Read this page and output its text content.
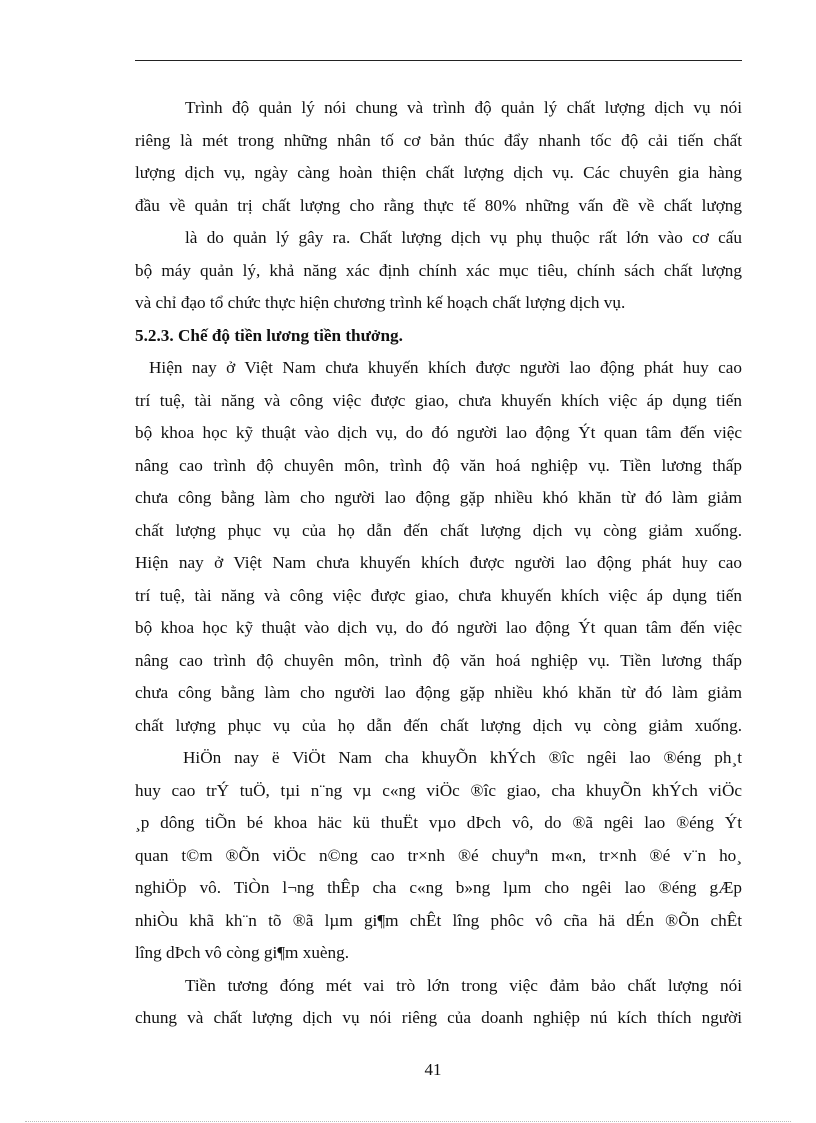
Trình độ quản lý nói chung và trình độ quản lý chất lượng dịch vụ nói
riêng là mét trong những nhân tố cơ bản thúc đẩy nhanh tốc độ cải tiến chất
lượng dịch vụ, ngày càng hoàn thiện chất lượng dịch vụ. Các chuyên gia hàng
đầu về quản trị chất lượng cho rằng thực tế 80% những vấn đề về chất lượng
là do quản lý gây ra. Chất lượng dịch vụ phụ thuộc rất lớn vào cơ cấu
bộ máy quản lý, khả năng xác định chính xác mục tiêu, chính sách chất lượng
và chỉ đạo tổ chức thực hiện chương trình kế hoạch chất lượng dịch vụ.
5.2.3. Chế độ tiền lương tiền thưởng.
Hiện nay ở Việt Nam chưa khuyến khích được người lao động phát huy cao
trí tuệ, tài năng và công việc được giao, chưa khuyến khích việc áp dụng tiến
bộ khoa học kỹ thuật vào dịch vụ, do đó người lao động Ýt quan tâm đến việc
nâng cao trình độ chuyên môn, trình độ văn hoá nghiệp vụ. Tiền lương thấp
chưa công bằng làm cho người lao động gặp nhiều khó khăn từ đó làm giảm
chất lượng phục vụ của họ dẫn đến chất lượng dịch vụ còng giảm xuống.
Hiện nay ở Việt Nam chưa khuyến khích được người lao động phát huy cao
trí tuệ, tài năng và công việc được giao, chưa khuyến khích việc áp dụng tiến
bộ khoa học kỹ thuật vào dịch vụ, do đó người lao động Ýt quan tâm đến việc
nâng cao trình độ chuyên môn, trình độ văn hoá nghiệp vụ. Tiền lương thấp
chưa công bằng làm cho người lao động gặp nhiều khó khăn từ đó làm giảm
chất lượng phục vụ của họ dẫn đến chất lượng dịch vụ còng giảm xuống.
HiÖn nay ë ViÖt Nam cha khuyÕn khÝch ®îc ngêi lao ®éng ph¸t
huy cao trÝ tuÖ, tµi n¨ng vµ c«ng viÖc ®îc giao, cha khuyÕn khÝch viÖc
¸p dông tiÕn bé khoa häc kü thuËt vµo dÞch vô, do ®ã ngêi lao ®éng Ýt
quan t©m ®Õn viÖc n©ng cao tr×nh ®é chuyªn m«n, tr×nh ®é v¨n ho¸
nghiÖp vô. TiÒn l¬ng thÊp cha c«ng b»ng lµm cho ngêi lao ®éng gÆp
nhiÒu khã kh¨n tõ ®ã lµm gi¶m chÊt lîng phôc vô cña hä dÉn ®Õn chÊt
lîng dÞch vô còng gi¶m xuèng.
Tiền tương đóng mét vai trò lớn trong việc đảm bảo chất lượng nói
chung và chất lượng dịch vụ nói riêng của doanh nghiệp nú kích thích người
41
